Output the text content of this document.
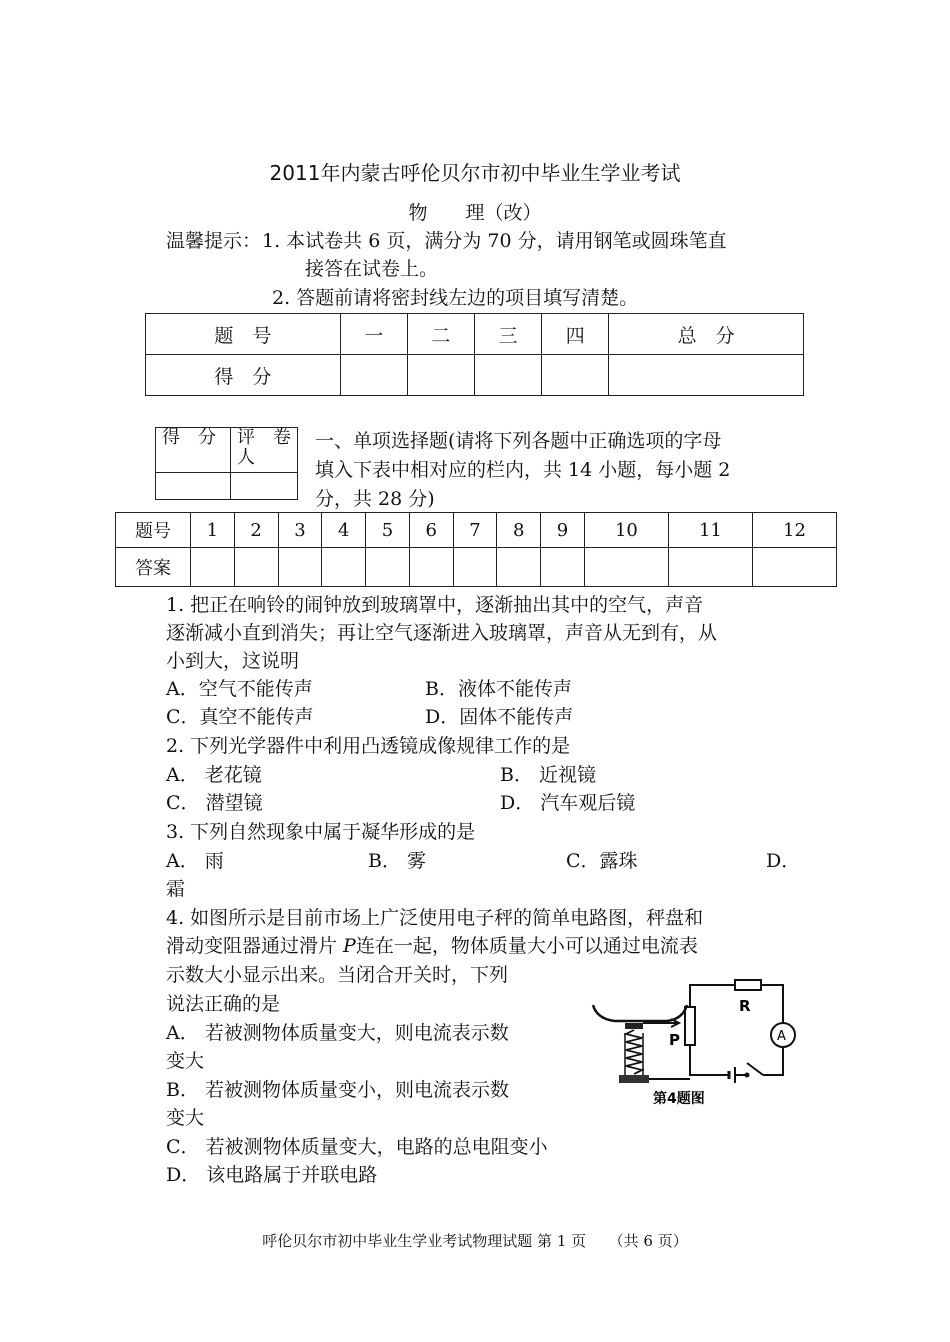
2011年内蒙古呼伦贝尔市初中毕业生学业考试
物　　理（改）
温馨提示： 1. 本试卷共 6 页，满分为 70 分，请用钢笔或圆珠笔直
接答在试卷上。
2. 答题前请将密封线左边的项目填写清楚。
题　号	一	二	三	四	总　分
得　分					
得　分	评　卷　人

一、单项选择题(请将下列各题中正确选项的字母
填入下表中相对应的栏内，共 14 小题，每小题 2
分，共 28 分)
题号	1	2	3	4	5	6	7	8	9	10	11	12
答案												
1. 把正在响铃的闹钟放到玻璃罩中，逐渐抽出其中的空气，声音
逐渐减小直到消失；再让空气逐渐进入玻璃罩，声音从无到有，从
小到大，这说明
A．空气不能传声	B．液体不能传声
C．真空不能传声	D．固体不能传声
2. 下列光学器件中利用凸透镜成像规律工作的是
A． 老花镜	B． 近视镜
C． 潜望镜	D． 汽车观后镜
3. 下列自然现象中属于凝华形成的是
A． 雨	B． 雾	C．露珠	D．
霜
4. 如图所示是目前市场上广泛使用电子秤的简单电路图，秤盘和
滑动变阻器通过滑片 P连在一起，物体质量大小可以通过电流表
示数大小显示出来。当闭合开关时，下列
说法正确的是
A． 若被测物体质量变大，则电流表示数
变大
B． 若被测物体质量变小，则电流表示数
变大
C． 若被测物体质量变大，电路的总电阻变小
D． 该电路属于并联电路
P
R
A
第4题图
呼伦贝尔市初中毕业生学业考试物理试题 第 1 页　　（共 6 页）
